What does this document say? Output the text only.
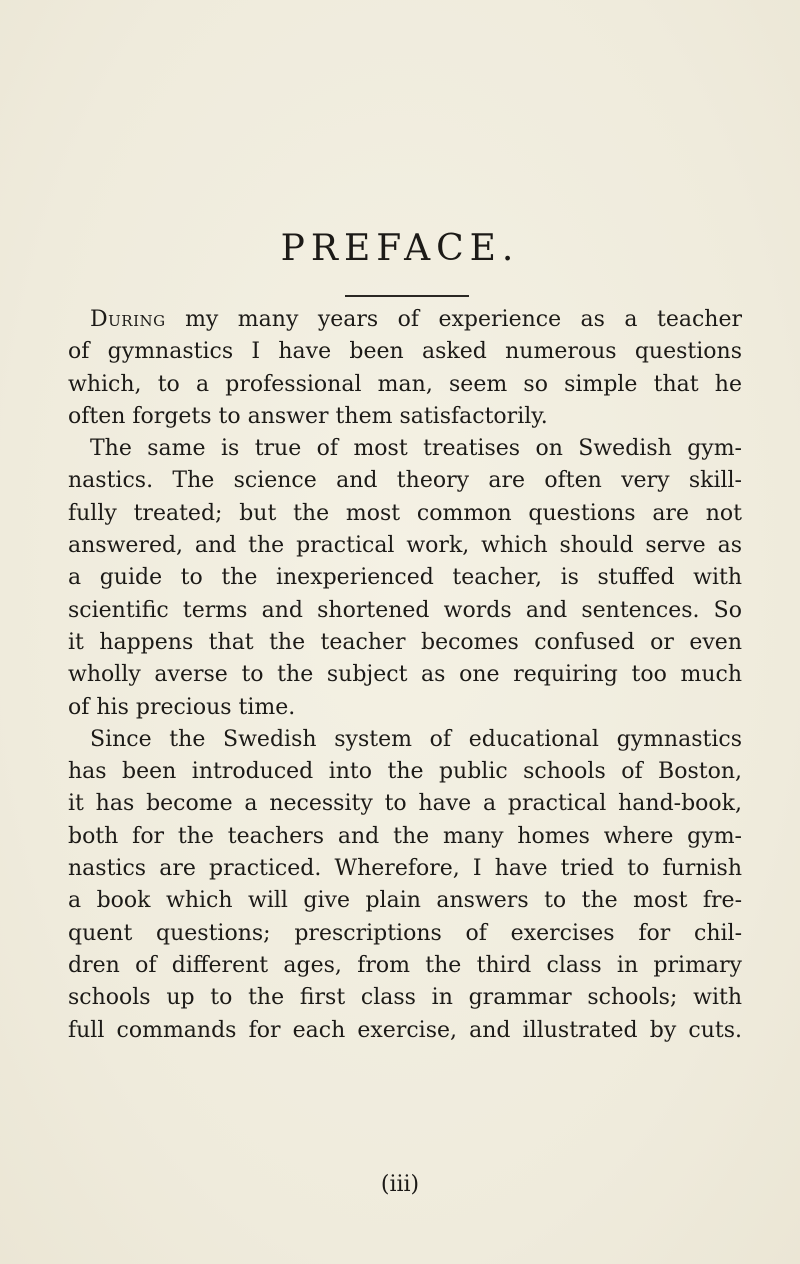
PREFACE.
During my many years of experience as a teacher
of gymnastics I have been asked numerous questions
which, to a professional man, seem so simple that he
often forgets to answer them satisfactorily.
The same is true of most treatises on Swedish gym-
nastics. The science and theory are often very skill-
fully treated; but the most common questions are not
answered, and the practical work, which should serve as
a guide to the inexperienced teacher, is stuffed with
scientific terms and shortened words and sentences. So
it happens that the teacher becomes confused or even
wholly averse to the subject as one requiring too much
of his precious time.
Since the Swedish system of educational gymnastics
has been introduced into the public schools of Boston,
it has become a necessity to have a practical hand-book,
both for the teachers and the many homes where gym-
nastics are practiced. Wherefore, I have tried to furnish
a book which will give plain answers to the most fre-
quent questions; prescriptions of exercises for chil-
dren of different ages, from the third class in primary
schools up to the first class in grammar schools; with
full commands for each exercise, and illustrated by cuts.
(iii)
